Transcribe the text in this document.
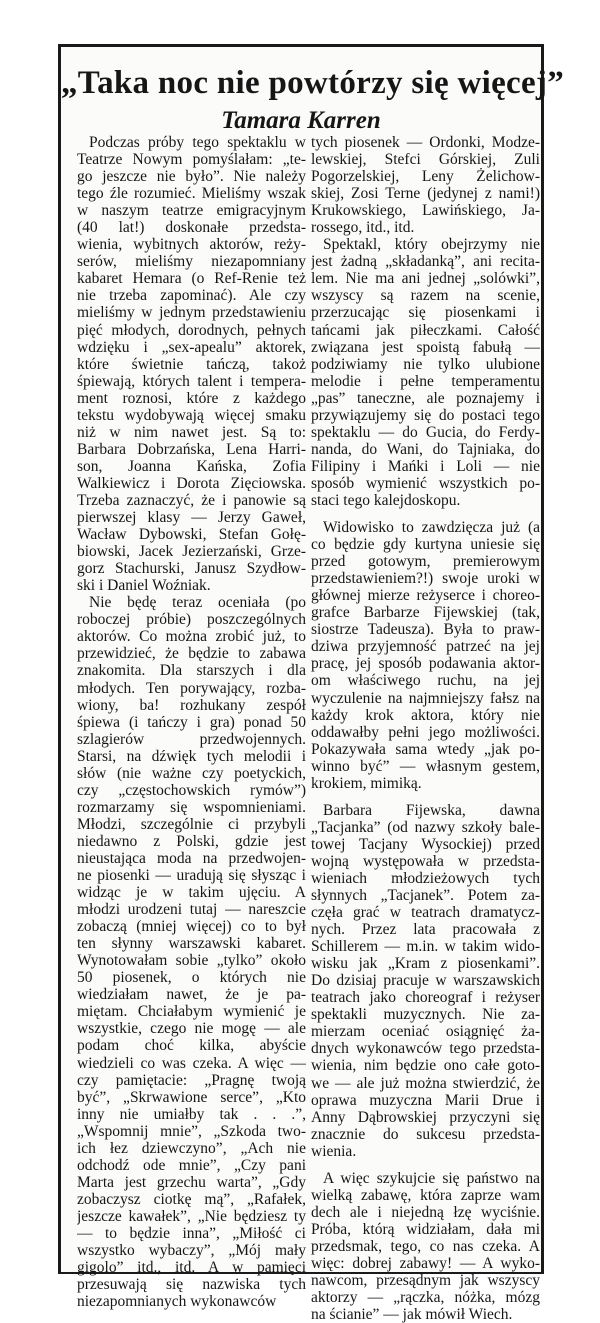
„Taka noc nie powtórzy się więcej”
Tamara Karren
Podczas próby tego spektaklu w
Teatrze Nowym pomyślałam: „te-
go jeszcze nie było”. Nie należy
tego źle rozumieć. Mieliśmy wszak
w naszym teatrze emigracyjnym
(40 lat!) doskonałe przedsta-
wienia, wybitnych aktorów, reży-
serów, mieliśmy niezapomniany
kabaret Hemara (o Ref-Renie też
nie trzeba zapominać). Ale czy
mieliśmy w jednym przedstawieniu
pięć młodych, dorodnych, pełnych
wdzięku i „sex-apealu” aktorek,
które świetnie tańczą, takoż
śpiewają, których talent i tempera-
ment roznosi, które z każdego
tekstu wydobywają więcej smaku
niż w nim nawet jest. Są to:
Barbara Dobrzańska, Lena Harri-
son, Joanna Kańska, Zofia
Walkiewicz i Dorota Zięciowska.
Trzeba zaznaczyć, że i panowie są
pierwszej klasy — Jerzy Gaweł,
Wacław Dybowski, Stefan Gołę-
biowski, Jacek Jezierzański, Grze-
gorz Stachurski, Janusz Szydłow-
ski i Daniel Woźniak.
Nie będę teraz oceniała (po
roboczej próbie) poszczególnych
aktorów. Co można zrobić już, to
przewidzieć, że będzie to zabawa
znakomita. Dla starszych i dla
młodych. Ten porywający, rozba-
wiony, ba! rozhukany zespół
śpiewa (i tańczy i gra) ponad 50
szlagierów przedwojennych.
Starsi, na dźwięk tych melodii i
słów (nie ważne czy poetyckich,
czy „częstochowskich rymów”)
rozmarzamy się wspomnieniami.
Młodzi, szczególnie ci przybyli
niedawno z Polski, gdzie jest
nieustająca moda na przedwojen-
ne piosenki — uradują się słysząc i
widząc je w takim ujęciu. A
młodzi urodzeni tutaj — nareszcie
zobaczą (mniej więcej) co to był
ten słynny warszawski kabaret.
Wynotowałam sobie „tylko” około
50 piosenek, o których nie
wiedziałam nawet, że je pa-
miętam. Chciałabym wymienić je
wszystkie, czego nie mogę — ale
podam choć kilka, abyście
wiedzieli co was czeka. A więc —
czy pamiętacie: „Pragnę twoją
być”, „Skrwawione serce”, „Kto
inny nie umiałby tak . . .”,
„Wspomnij mnie”, „Szkoda two-
ich łez dziewczyno”, „Ach nie
odchodź ode mnie”, „Czy pani
Marta jest grzechu warta”, „Gdy
zobaczysz ciotkę mą”, „Rafałek,
jeszcze kawałek”, „Nie będziesz ty
— to będzie inna”, „Miłość ci
wszystko wybaczy”, „Mój mały
gigolo” itd., itd. A w pamięci
przesuwają się nazwiska tych
niezapomnianych wykonawców
tych piosenek — Ordonki, Modze-
lewskiej, Stefci Górskiej, Zuli
Pogorzelskiej, Leny Żelichow-
skiej, Zosi Terne (jedynej z nami!)
Krukowskiego, Lawińskiego, Ja-
rossego, itd., itd.
Spektakl, który obejrzymy nie
jest żadną „składanką”, ani recita-
lem. Nie ma ani jednej „solówki”,
wszyscy są razem na scenie,
przerzucając się piosenkami i
tańcami jak piłeczkami. Całość
związana jest spoistą fabułą —
podziwiamy nie tylko ulubione
melodie i pełne temperamentu
„pas” taneczne, ale poznajemy i
przywiązujemy się do postaci tego
spektaklu — do Gucia, do Ferdy-
nanda, do Wani, do Tajniaka, do
Filipiny i Mańki i Loli — nie
sposób wymienić wszystkich po-
staci tego kalejdoskopu.
Widowisko to zawdzięcza już (a
co będzie gdy kurtyna uniesie się
przed gotowym, premierowym
przedstawieniem?!) swoje uroki w
głównej mierze reżyserce i choreo-
grafce Barbarze Fijewskiej (tak,
siostrze Tadeusza). Była to praw-
dziwa przyjemność patrzeć na jej
pracę, jej sposób podawania aktor-
om właściwego ruchu, na jej
wyczulenie na najmniejszy fałsz na
każdy krok aktora, który nie
oddawałby pełni jego możliwości.
Pokazywała sama wtedy „jak po-
winno być” — własnym gestem,
krokiem, mimiką.
Barbara Fijewska, dawna
„Tacjanka” (od nazwy szkoły bale-
towej Tacjany Wysockiej) przed
wojną występowała w przedsta-
wieniach młodzieżowych tych
słynnych „Tacjanek”. Potem za-
częła grać w teatrach dramatycz-
nych. Przez lata pracowała z
Schillerem — m.in. w takim wido-
wisku jak „Kram z piosenkami”.
Do dzisiaj pracuje w warszawskich
teatrach jako choreograf i reżyser
spektakli muzycznych. Nie za-
mierzam oceniać osiągnięć ża-
dnych wykonawców tego przedsta-
wienia, nim będzie ono całe goto-
we — ale już można stwierdzić, że
oprawa muzyczna Marii Drue i
Anny Dąbrowskiej przyczyni się
znacznie do sukcesu przedsta-
wienia.
A więc szykujcie się państwo na
wielką zabawę, która zaprze wam
dech ale i niejedną łzę wyciśnie.
Próba, którą widziałam, dała mi
przedsmak, tego, co nas czeka. A
więc: dobrej zabawy! — A wyko-
nawcom, przesądnym jak wszyscy
aktorzy — „rączka, nóżka, mózg
na ścianie” — jak mówił Wiech.
